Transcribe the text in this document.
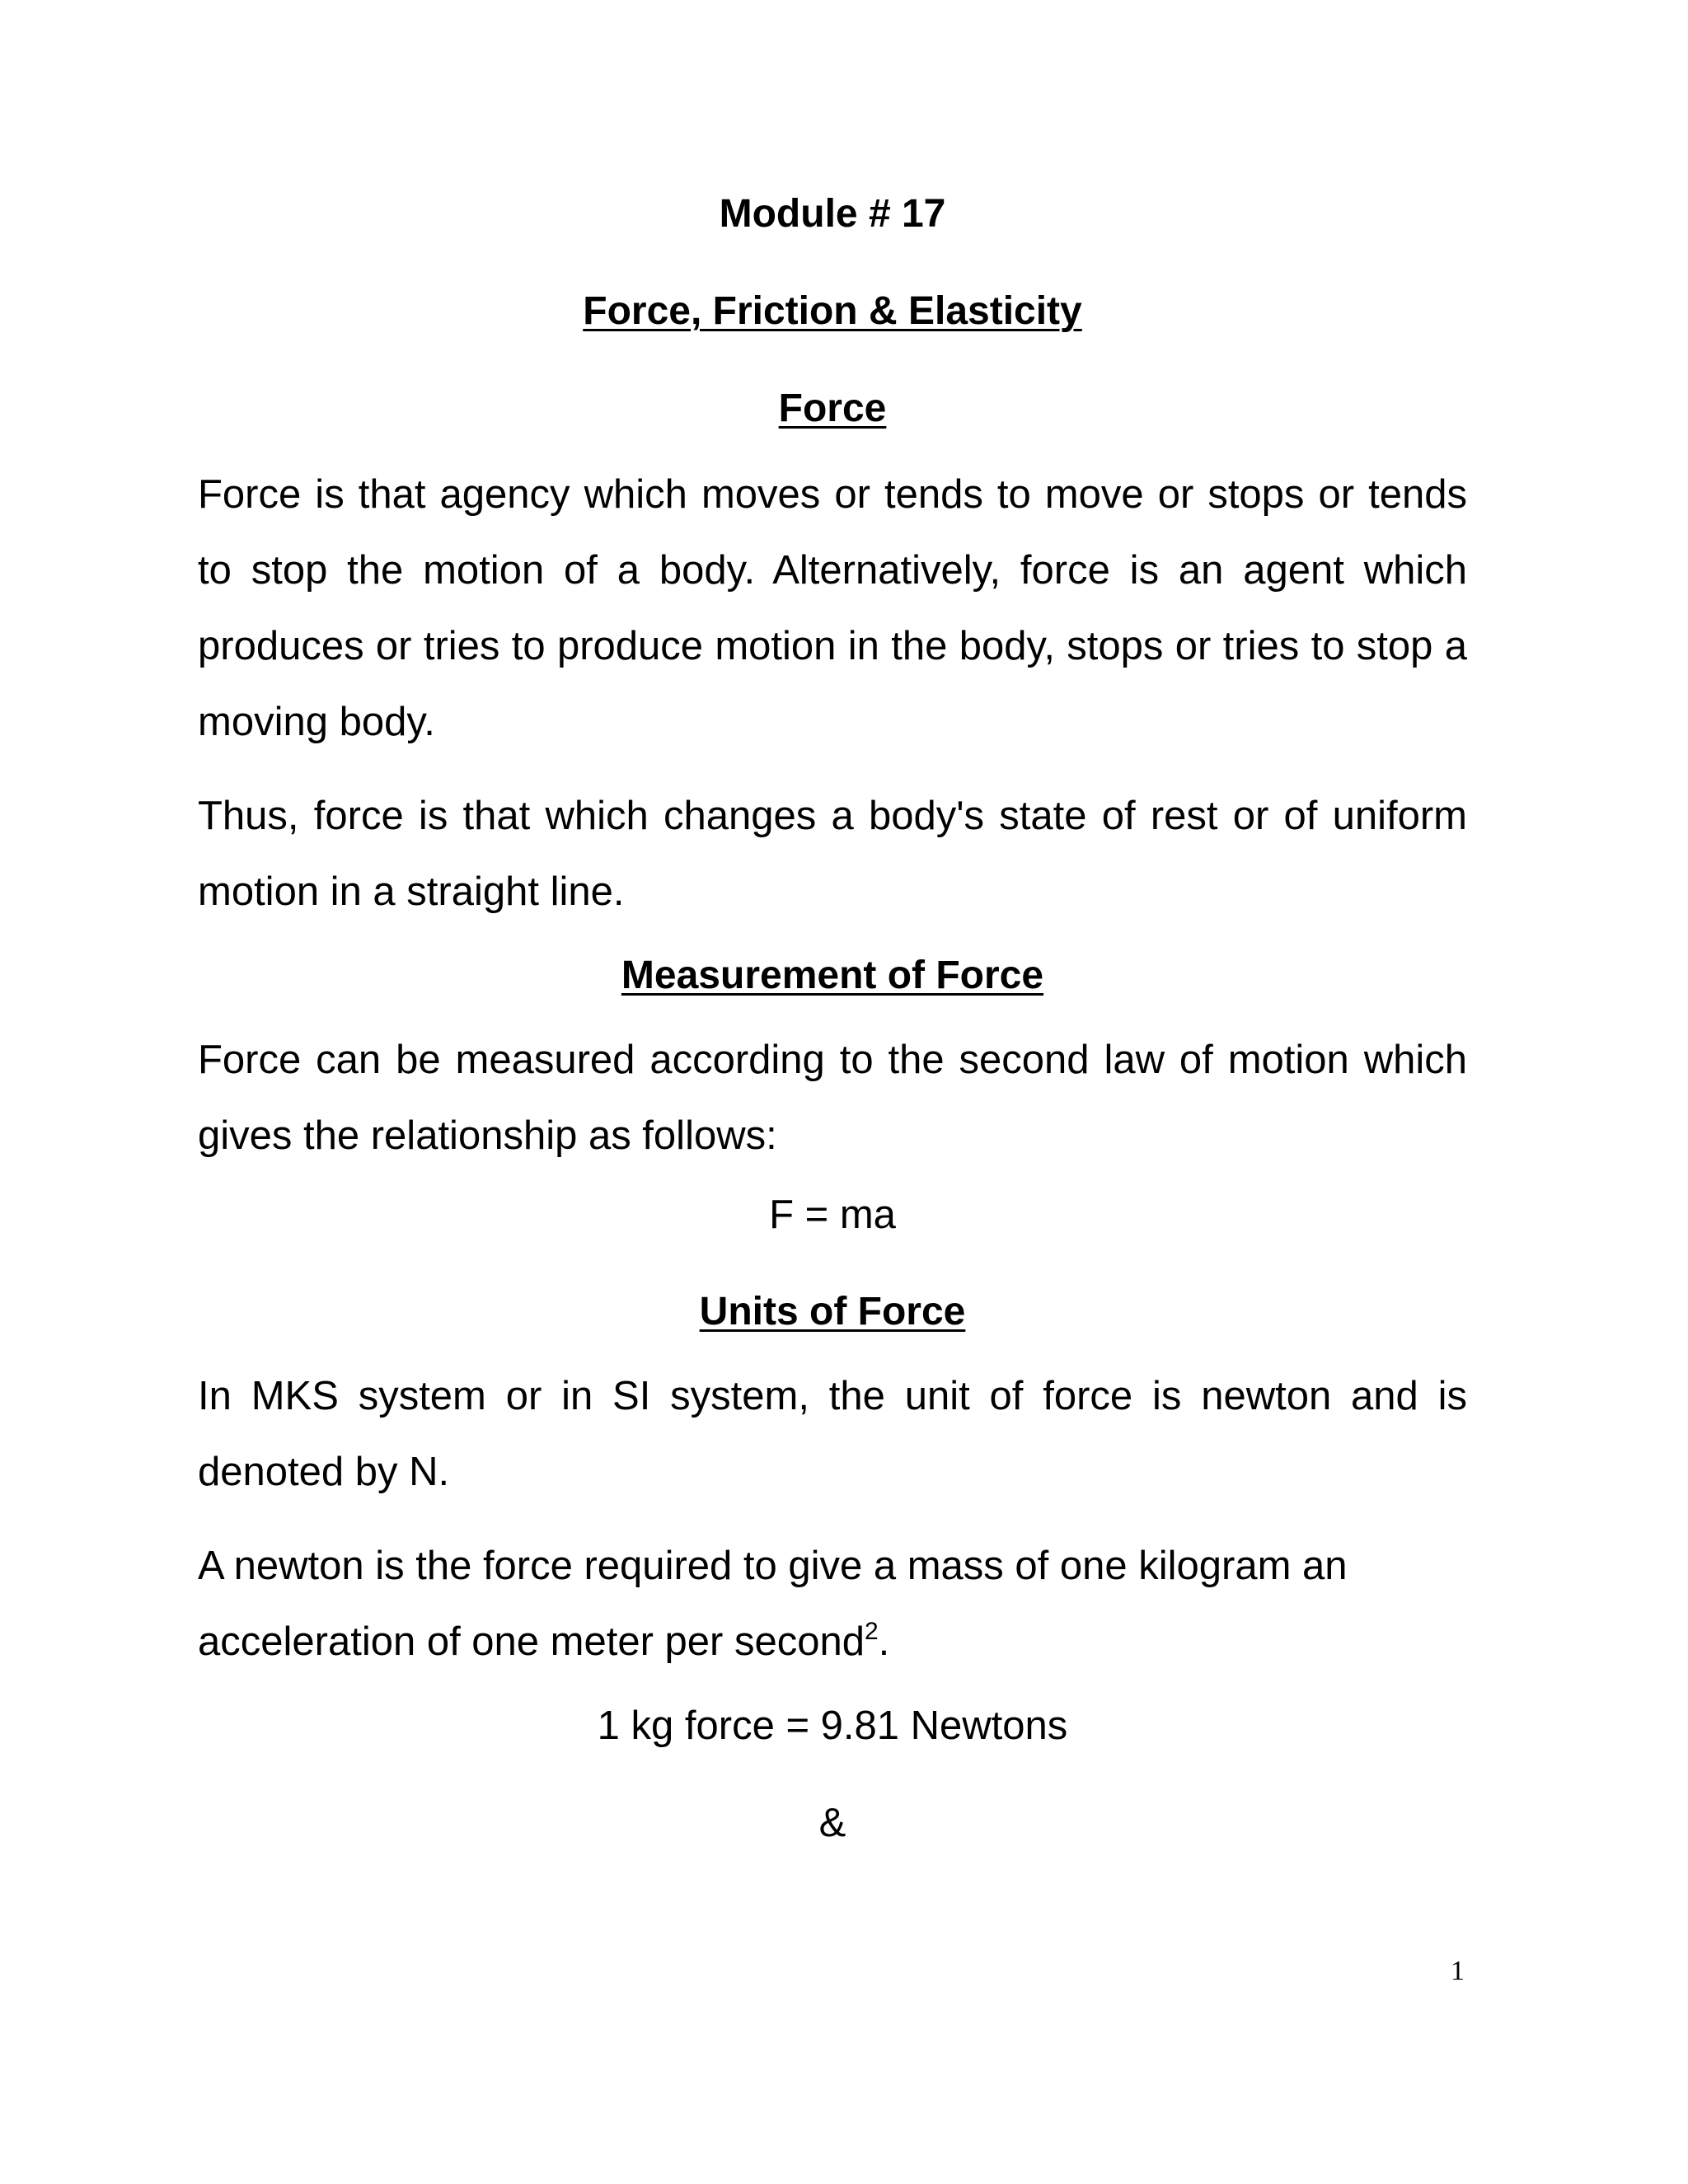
Module # 17

Force, Friction & Elasticity

Force

Force is that agency which moves or tends to move or stops or tends to stop the motion of a body. Alternatively, force is an agent which produces or tries to produce motion in the body, stops or tries to stop a moving body.

Thus, force is that which changes a body's state of rest or of uniform motion in a straight line.

Measurement of Force

Force can be measured according to the second law of motion which gives the relationship as follows:

F = ma

Units of Force

In MKS system or in SI system, the unit of force is newton and is denoted by N.

A newton is the force required to give a mass of one kilogram an acceleration of one meter per second$^2$.

1 kg force = 9.81 Newtons

&

1
